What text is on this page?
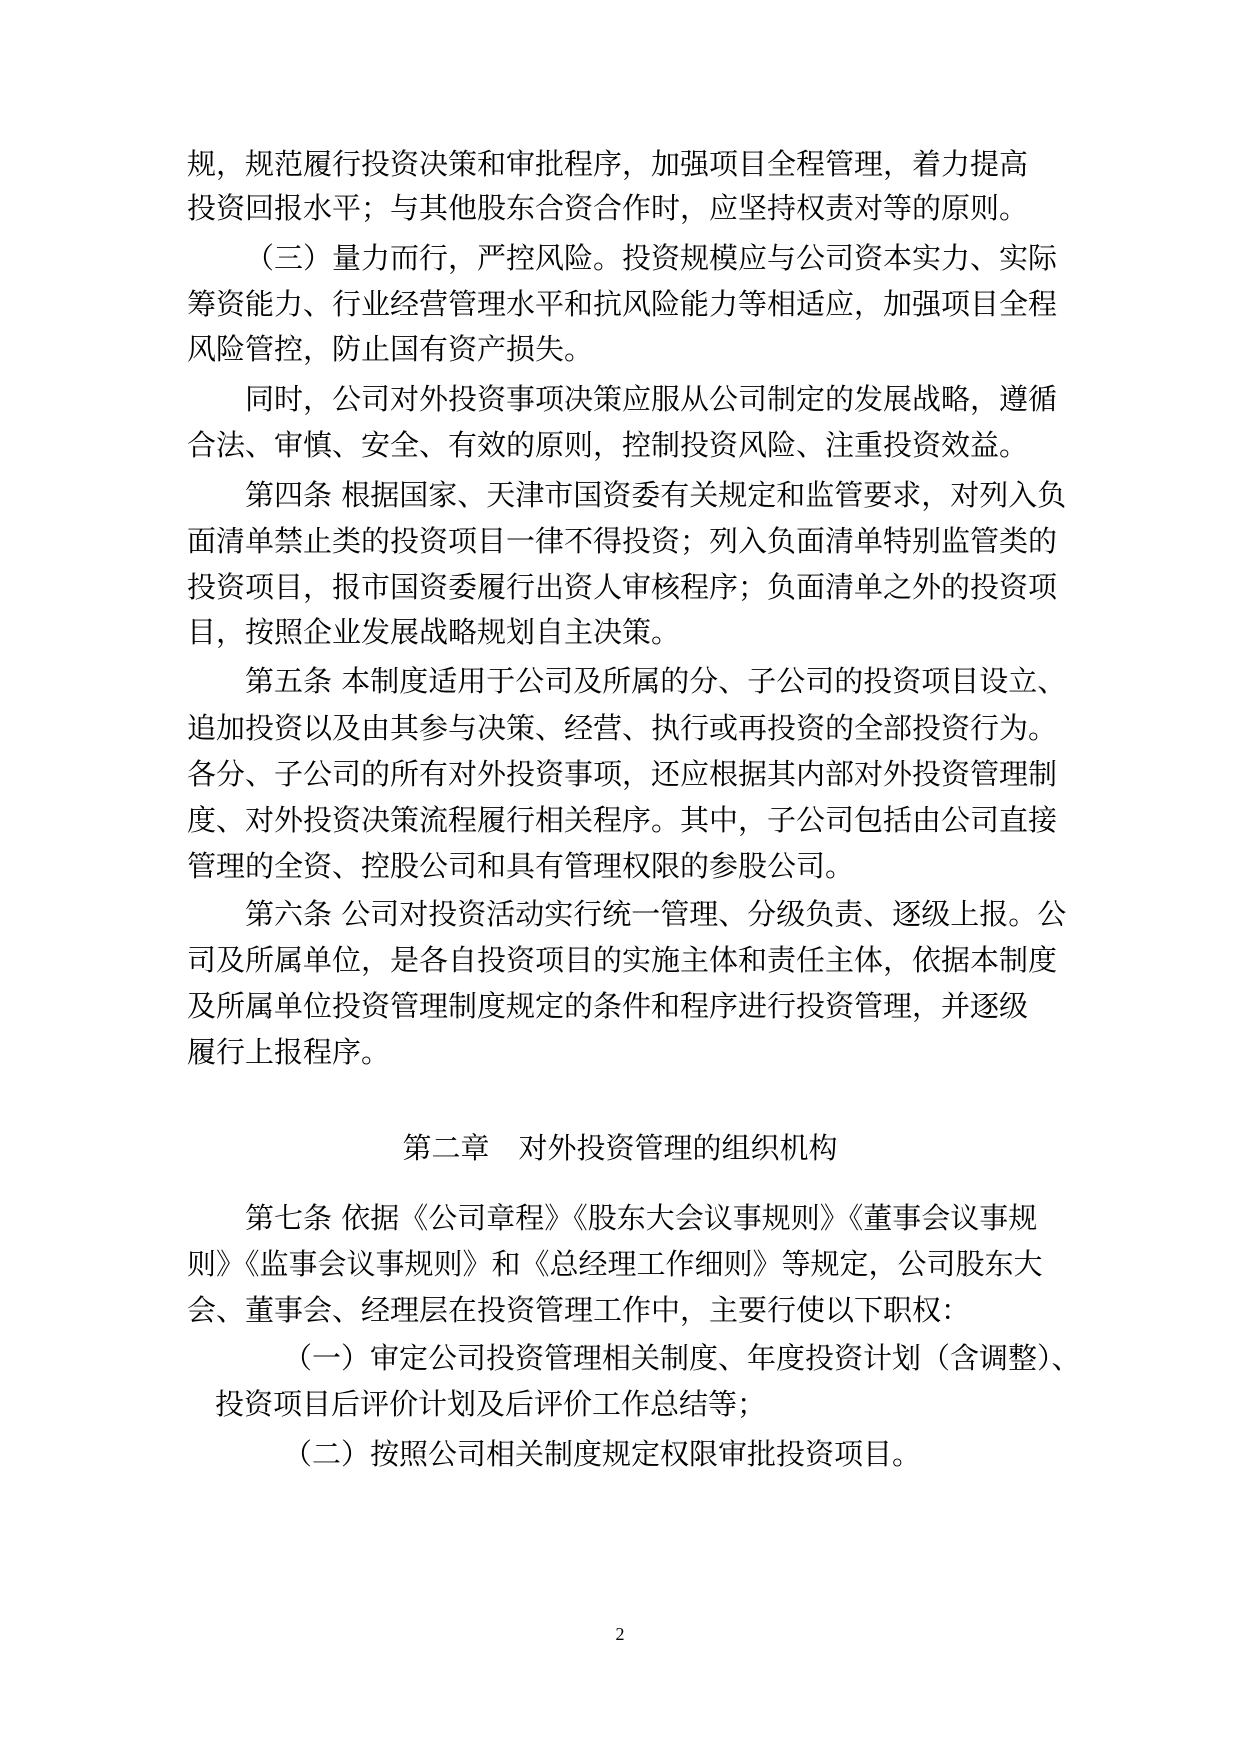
规，规范履行投资决策和审批程序，加强项目全程管理，着力提高
投资回报水平；与其他股东合资合作时，应坚持权责对等的原则。
（三）量力而行，严控风险。投资规模应与公司资本实力、实际
筹资能力、行业经营管理水平和抗风险能力等相适应，加强项目全程
风险管控，防止国有资产损失。
同时，公司对外投资事项决策应服从公司制定的发展战略，遵循
合法、审慎、安全、有效的原则，控制投资风险、注重投资效益。
第四条 根据国家、天津市国资委有关规定和监管要求，对列入负
面清单禁止类的投资项目一律不得投资；列入负面清单特别监管类的
投资项目，报市国资委履行出资人审核程序；负面清单之外的投资项
目，按照企业发展战略规划自主决策。
第五条 本制度适用于公司及所属的分、子公司的投资项目设立、
追加投资以及由其参与决策、经营、执行或再投资的全部投资行为。
各分、子公司的所有对外投资事项，还应根据其内部对外投资管理制
度、对外投资决策流程履行相关程序。其中，子公司包括由公司直接
管理的全资、控股公司和具有管理权限的参股公司。
第六条 公司对投资活动实行统一管理、分级负责、逐级上报。公
司及所属单位，是各自投资项目的实施主体和责任主体，依据本制度
及所属单位投资管理制度规定的条件和程序进行投资管理，并逐级
履行上报程序。
第二章　对外投资管理的组织机构
第七条 依据《公司章程》《股东大会议事规则》《董事会议事规
则》《监事会议事规则》和《总经理工作细则》等规定，公司股东大
会、董事会、经理层在投资管理工作中，主要行使以下职权：
（一）审定公司投资管理相关制度、年度投资计划（含调整）、
投资项目后评价计划及后评价工作总结等；
（二）按照公司相关制度规定权限审批投资项目。
2
